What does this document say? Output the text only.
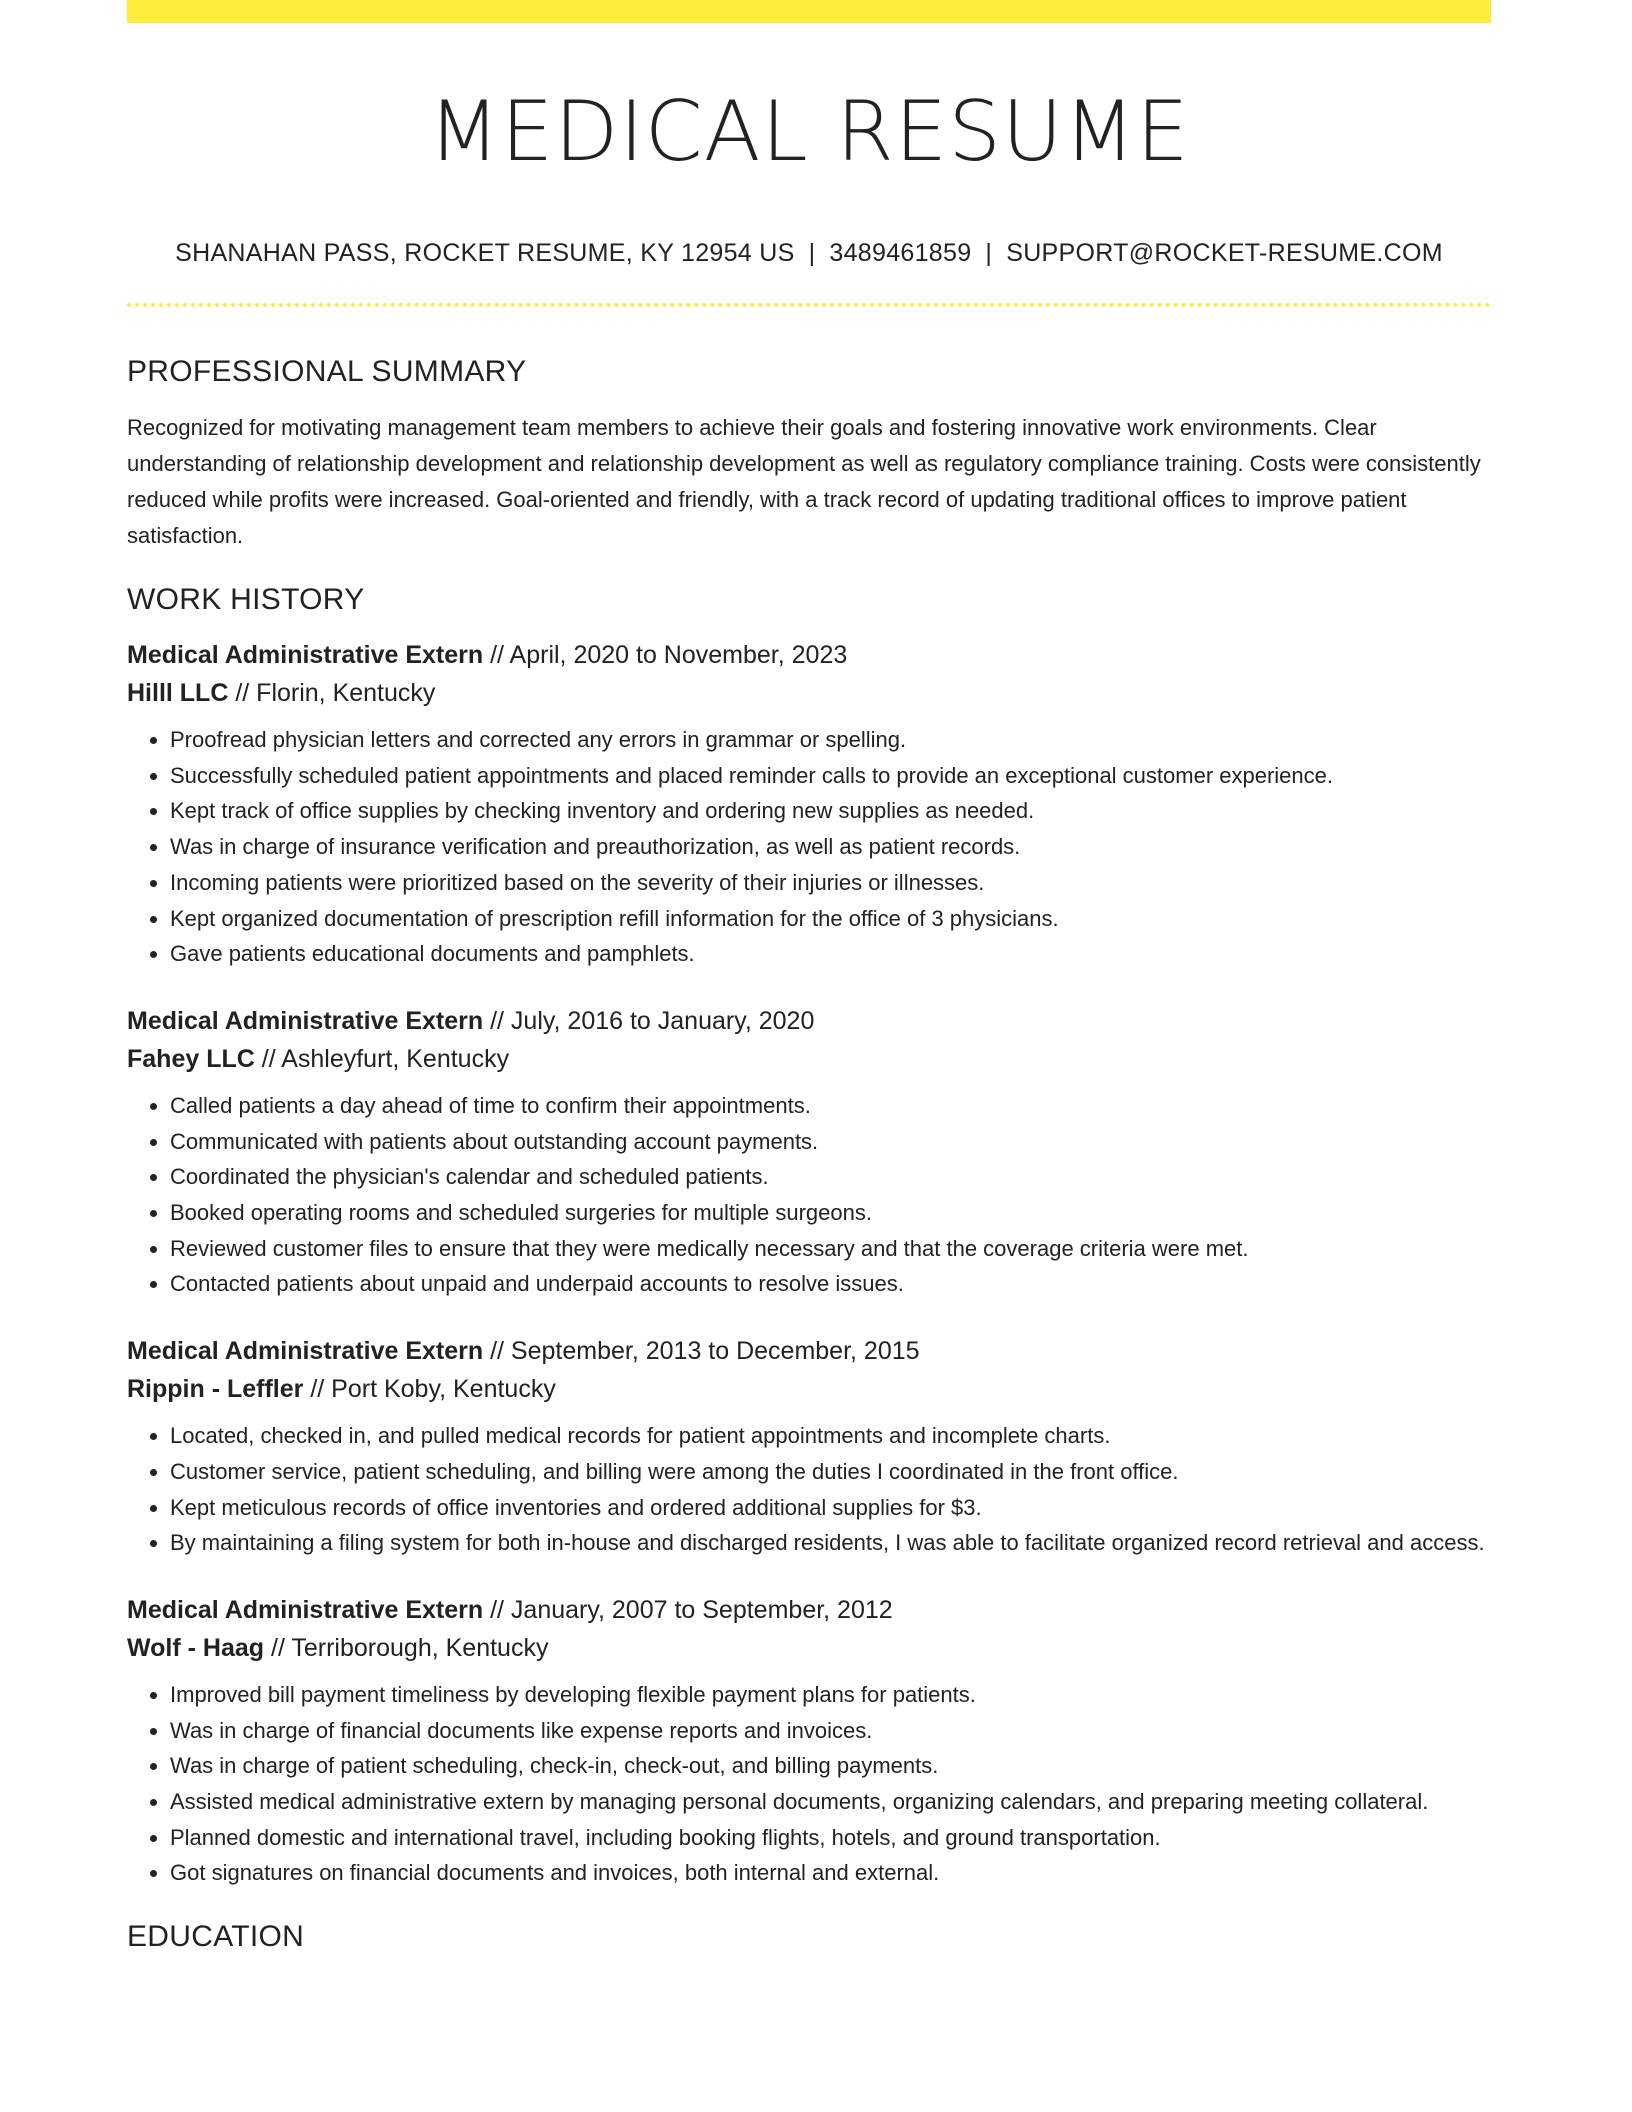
MEDICAL RESUME
SHANAHAN PASS, ROCKET RESUME, KY 12954 US | 3489461859 | SUPPORT@ROCKET-RESUME.COM
PROFESSIONAL SUMMARY

Recognized for motivating management team members to achieve their goals and fostering innovative work environments. Clear understanding of relationship development and relationship development as well as regulatory compliance training. Costs were consistently reduced while profits were increased. Goal-oriented and friendly, with a track record of updating traditional offices to improve patient satisfaction.

WORK HISTORY
Medical Administrative Extern // April, 2020 to November, 2023
Hilll LLC // Florin, Kentucky
• Proofread physician letters and corrected any errors in grammar or spelling.
• Successfully scheduled patient appointments and placed reminder calls to provide an exceptional customer experience.
• Kept track of office supplies by checking inventory and ordering new supplies as needed.
• Was in charge of insurance verification and preauthorization, as well as patient records.
• Incoming patients were prioritized based on the severity of their injuries or illnesses.
• Kept organized documentation of prescription refill information for the office of 3 physicians.
• Gave patients educational documents and pamphlets.
Medical Administrative Extern // July, 2016 to January, 2020
Fahey LLC // Ashleyfurt, Kentucky
• Called patients a day ahead of time to confirm their appointments.
• Communicated with patients about outstanding account payments.
• Coordinated the physician's calendar and scheduled patients.
• Booked operating rooms and scheduled surgeries for multiple surgeons.
• Reviewed customer files to ensure that they were medically necessary and that the coverage criteria were met.
• Contacted patients about unpaid and underpaid accounts to resolve issues.
Medical Administrative Extern // September, 2013 to December, 2015
Rippin - Leffler // Port Koby, Kentucky
• Located, checked in, and pulled medical records for patient appointments and incomplete charts.
• Customer service, patient scheduling, and billing were among the duties I coordinated in the front office.
• Kept meticulous records of office inventories and ordered additional supplies for $3.
• By maintaining a filing system for both in-house and discharged residents, I was able to facilitate organized record retrieval and access.
Medical Administrative Extern // January, 2007 to September, 2012
Wolf - Haag // Terriborough, Kentucky
• Improved bill payment timeliness by developing flexible payment plans for patients.
• Was in charge of financial documents like expense reports and invoices.
• Was in charge of patient scheduling, check-in, check-out, and billing payments.
• Assisted medical administrative extern by managing personal documents, organizing calendars, and preparing meeting collateral.
• Planned domestic and international travel, including booking flights, hotels, and ground transportation.
• Got signatures on financial documents and invoices, both internal and external.
EDUCATION
